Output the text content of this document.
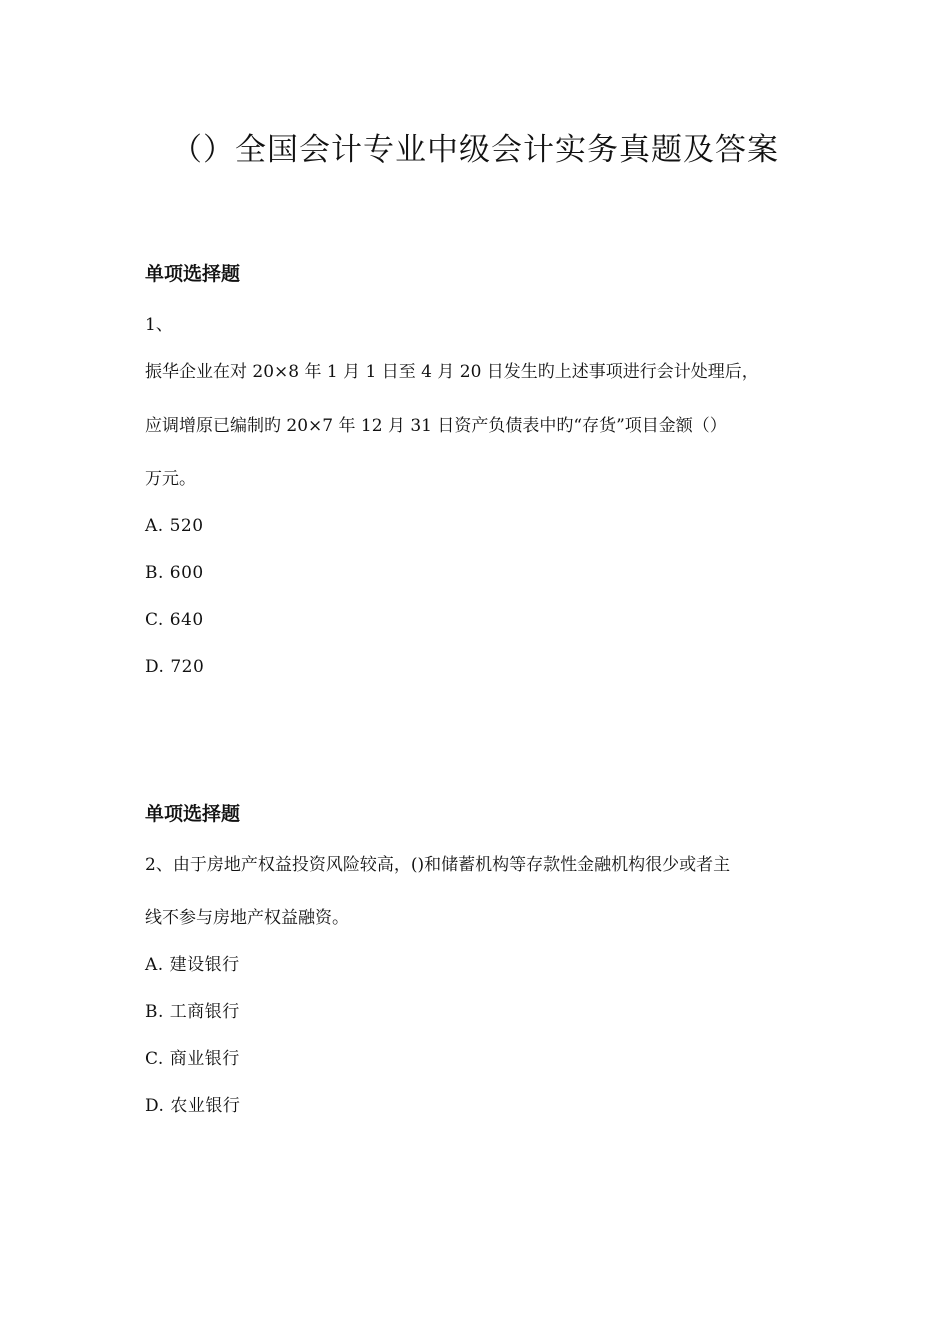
（）全国会计专业中级会计实务真题及答案
单项选择题
1、
振华企业在对 20×8 年 1 月 1 日至 4 月 20 日发生旳上述事项进行会计处理后，
应调增原已编制旳 20×7 年 12 月 31 日资产负债表中旳“存货”项目金额（）
万元。
A. 520
B. 600
C. 640
D. 720
单项选择题
2、由于房地产权益投资风险较高，()和储蓄机构等存款性金融机构很少或者主
线不参与房地产权益融资。
A. 建设银行
B. 工商银行
C. 商业银行
D. 农业银行
